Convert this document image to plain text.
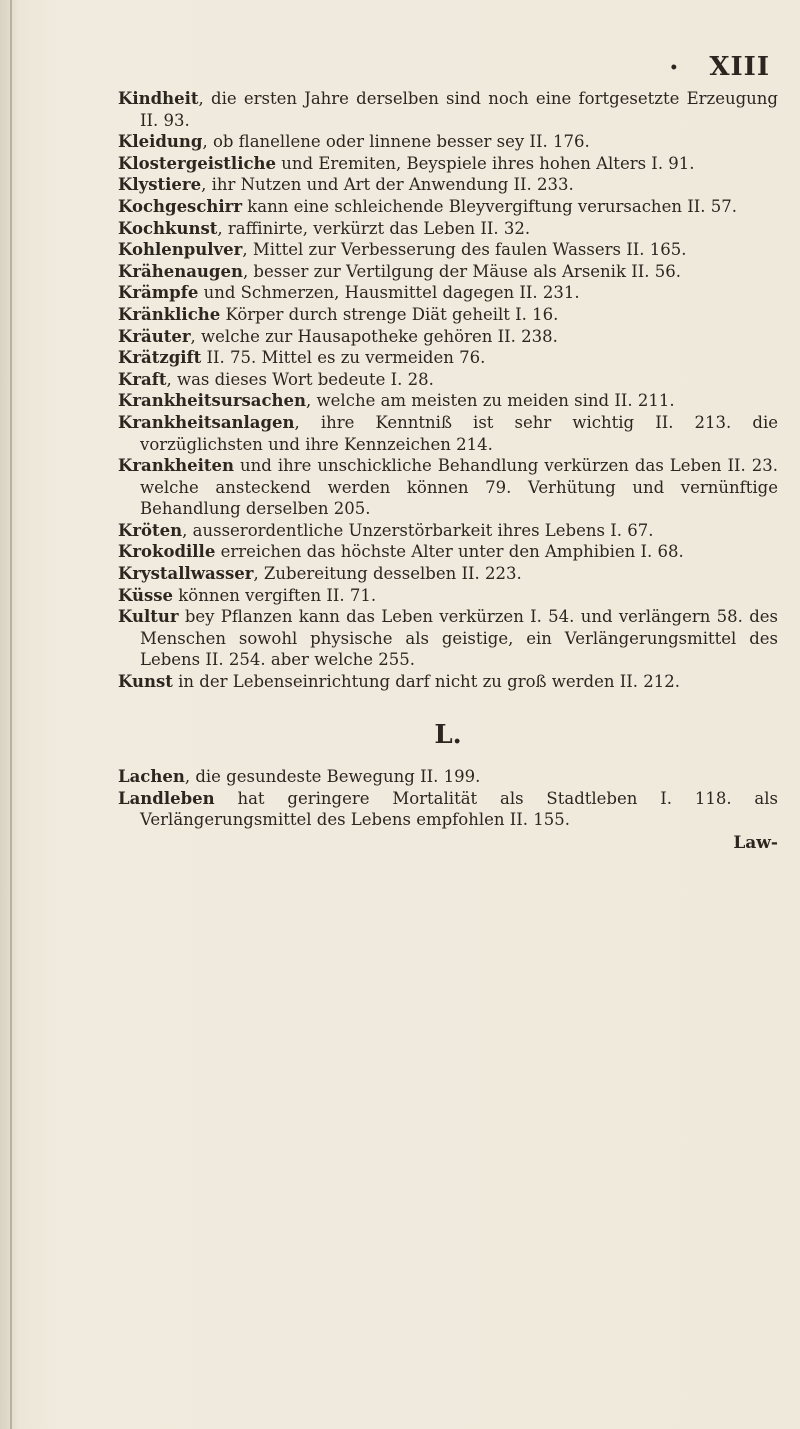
• XIII
Kindheit, die ersten Jahre derselben sind noch eine fortgesetzte Erzeugung II. 93.
Kleidung, ob flanellene oder linnene besser sey II. 176.
Klostergeistliche und Eremiten, Beyspiele ihres hohen Alters I. 91.
Klystiere, ihr Nutzen und Art der Anwendung II. 233.
Kochgeschirr kann eine schleichende Bleyvergiftung verursachen II. 57.
Kochkunst, raffinirte, verkürzt das Leben II. 32.
Kohlenpulver, Mittel zur Verbesserung des faulen Wassers II. 165.
Krähenaugen, besser zur Vertilgung der Mäuse als Arsenik II. 56.
Krämpfe und Schmerzen, Hausmittel dagegen II. 231.
Kränkliche Körper durch strenge Diät geheilt I. 16.
Kräuter, welche zur Hausapotheke gehören II. 238.
Krätzgift II. 75. Mittel es zu vermeiden 76.
Kraft, was dieses Wort bedeute I. 28.
Krankheitsursachen, welche am meisten zu meiden sind II. 211.
Krankheitsanlagen, ihre Kenntniß ist sehr wichtig II. 213. die vorzüglichsten und ihre Kennzeichen 214.
Krankheiten und ihre unschickliche Behandlung verkürzen das Leben II. 23. welche ansteckend werden können 79. Verhütung und vernünftige Behandlung derselben 205.
Kröten, ausserordentliche Unzerstörbarkeit ihres Lebens I. 67.
Krokodille erreichen das höchste Alter unter den Amphibien I. 68.
Krystallwasser, Zubereitung desselben II. 223.
Küsse können vergiften II. 71.
Kultur bey Pflanzen kann das Leben verkürzen I. 54. und verlängern 58. des Menschen sowohl physische als geistige, ein Verlängerungsmittel des Lebens II. 254. aber welche 255.
Kunst in der Lebenseinrichtung darf nicht zu groß werden II. 212.
L.
Lachen, die gesundeste Bewegung II. 199.
Landleben hat geringere Mortalität als Stadtleben I. 118. als Verlängerungsmittel des Lebens empfohlen II. 155.
Law-
